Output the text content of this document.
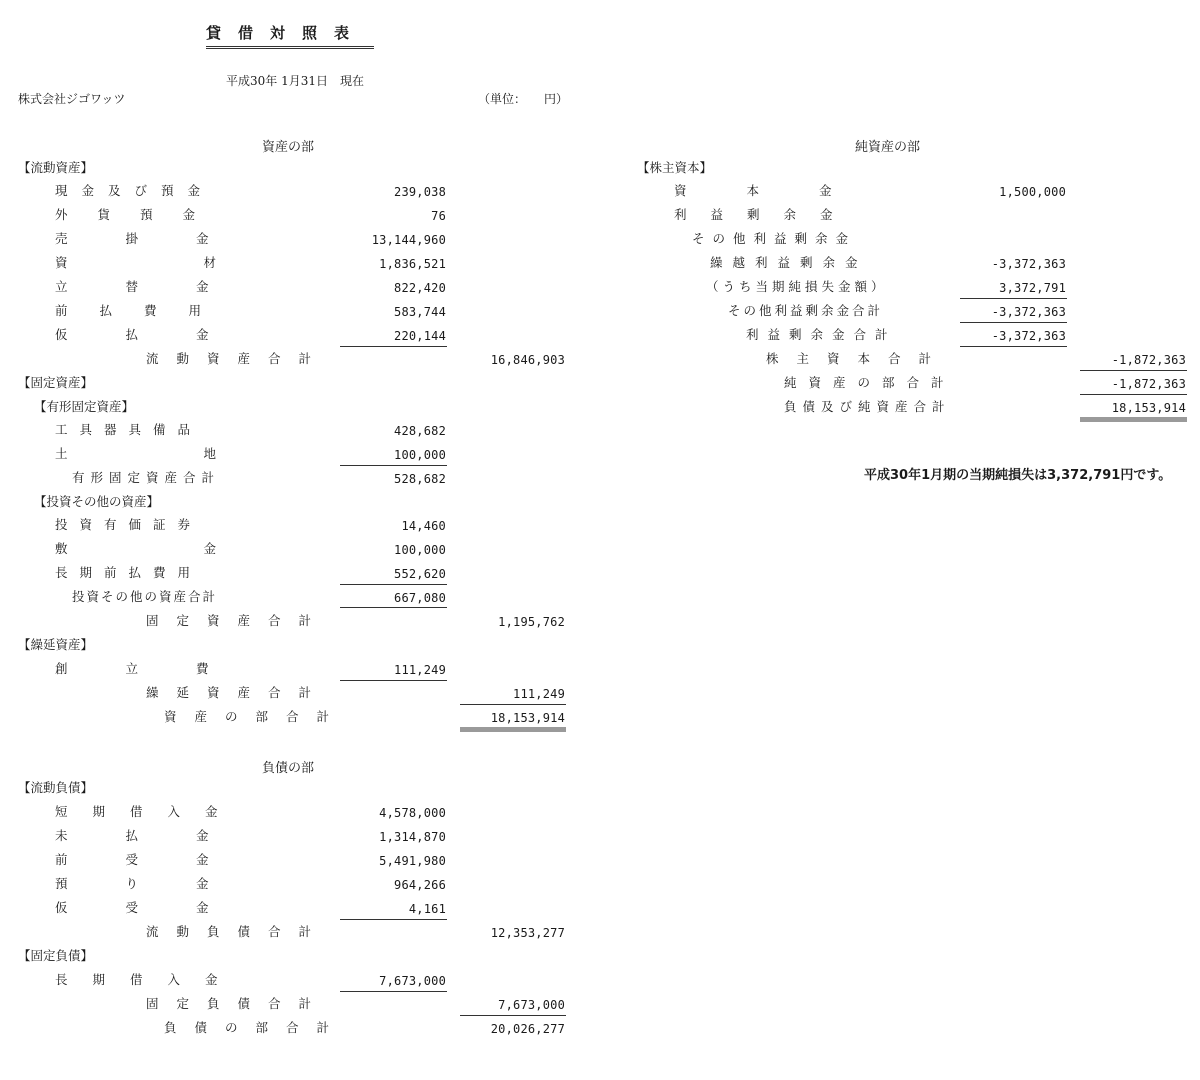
貸借対照表
平成30年 1月31日　現在
株式会社ジゴワッツ	（単位：　　円）
資産の部
【流動資産】
現金及び預金	239,038
外貨預金	76
売掛金	13,144,960
資材	1,836,521
立替金	822,420
前払費用	583,744
仮払金	220,144
流動資産合計	16,846,903
【固定資産】
【有形固定資産】
工具器具備品	428,682
土地	100,000
有形固定資産合計	528,682
【投資その他の資産】
投資有価証券	14,460
敷金	100,000
長期前払費用	552,620
投資その他の資産合計	667,080
固定資産合計	1,195,762
【繰延資産】
創立費	111,249
繰延資産合計	111,249
資産の部合計	18,153,914
負債の部
【流動負債】
短期借入金	4,578,000
未払金	1,314,870
前受金	5,491,980
預り金	964,266
仮受金	4,161
流動負債合計	12,353,277
【固定負債】
長期借入金	7,673,000
固定負債合計	7,673,000
負債の部合計	20,026,277
純資産の部
【株主資本】
資本金	1,500,000
利益剰余金
その他利益剰余金
繰越利益剰余金	-3,372,363
（うち当期純損失金額）	3,372,791
その他利益剰余金合計	-3,372,363
利益剰余金合計	-3,372,363
株主資本合計	-1,872,363
純資産の部合計	-1,872,363
負債及び純資産合計	18,153,914
平成30年1月期の当期純損失は3,372,791円です。
